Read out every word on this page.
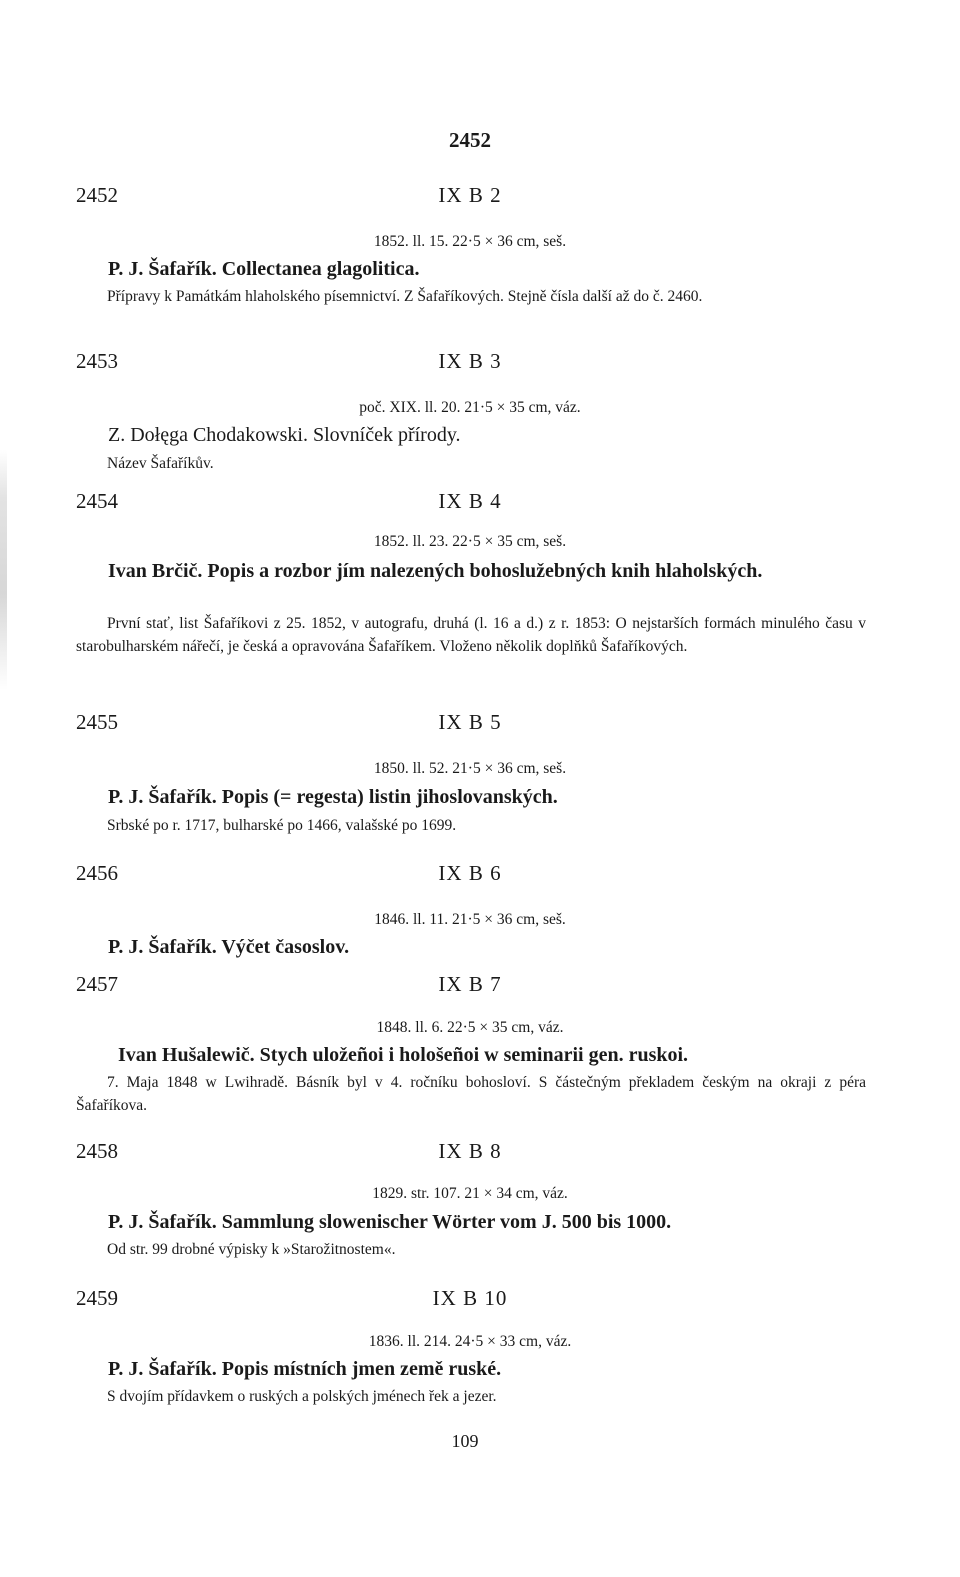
2452
2452	IX B 2
1852. ll. 15. 22·5 × 36 cm, seš.
P. J. Šafařík. Collectanea glagolitica.
Přípravy k Památkám hlaholského písemnictví. Z Šafaříkových. Stejně čísla další až do č. 2460.
2453	IX B 3
poč. XIX. ll. 20. 21·5 × 35 cm, váz.
Z. Dołęga Chodakowski. Slovníček přírody.
Název Šafaříkův.
2454	IX B 4
1852. ll. 23. 22·5 × 35 cm, seš.
Ivan Brčič. Popis a rozbor jím nalezených bohoslužebných knih hlaholských.
První stať, list Šafaříkovi z 25. 1852, v autografu, druhá (l. 16 a d.) z r. 1853: O nejstarších formách minulého času v starobulharském nářečí, je česká a opravována Šafaříkem. Vloženo několik doplňků Šafaříkových.
2455	IX B 5
1850. ll. 52. 21·5 × 36 cm, seš.
P. J. Šafařík. Popis (= regesta) listin jihoslovanských.
Srbské po r. 1717, bulharské po 1466, valašské po 1699.
2456	IX B 6
1846. ll. 11. 21·5 × 36 cm, seš.
P. J. Šafařík. Výčet časoslov.
2457	IX B 7
1848. ll. 6. 22·5 × 35 cm, váz.
Ivan Hušalewič. Stych uložeñoi i hološeñoi w seminarii gen. ruskoi.
7. Maja 1848 w Lwihradě. Básník byl v 4. ročníku bohosloví. S částečným překladem českým na okraji z péra Šafaříkova.
2458	IX B 8
1829. str. 107. 21 × 34 cm, váz.
P. J. Šafařík. Sammlung slowenischer Wörter vom J. 500 bis 1000.
Od str. 99 drobné výpisky k »Starožitnostem«.
2459	IX B 10
1836. ll. 214. 24·5 × 33 cm, váz.
P. J. Šafařík. Popis místních jmen země ruské.
S dvojím přídavkem o ruských a polských jménech řek a jezer.
109
